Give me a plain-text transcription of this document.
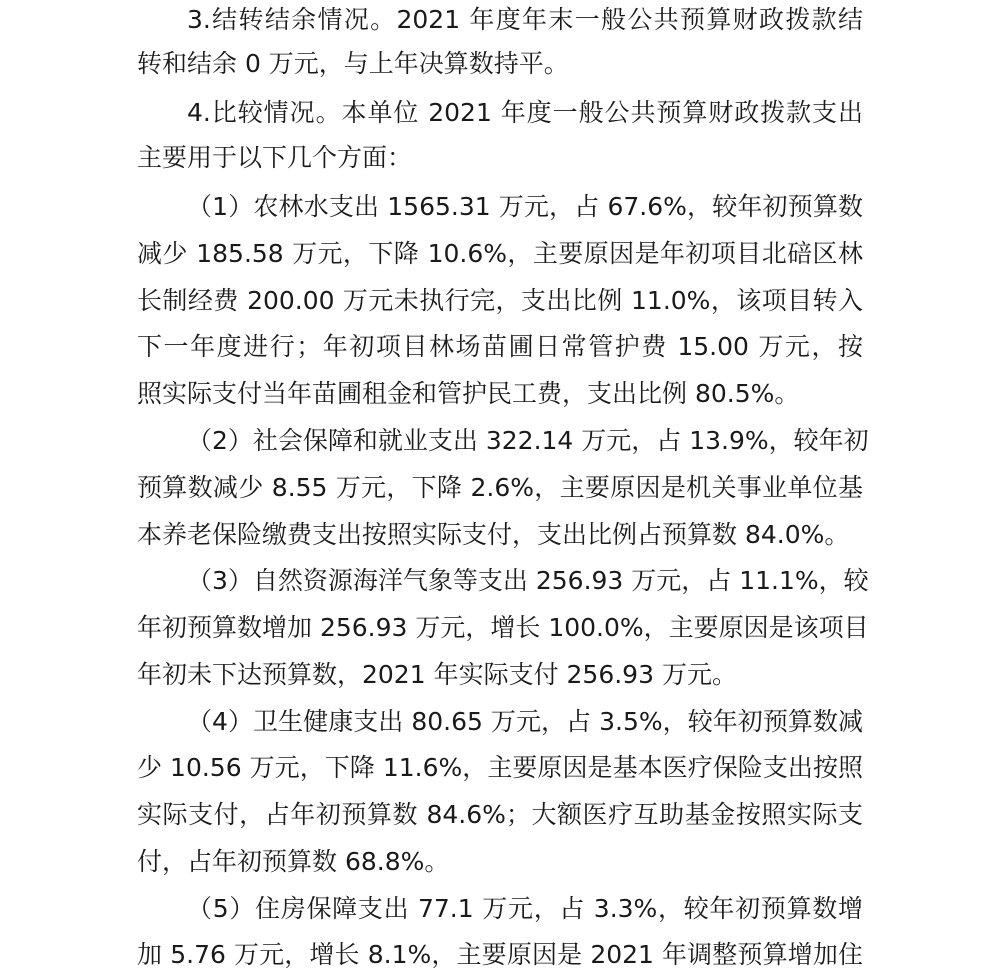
3.结转结余情况。2021 年度年末一般公共预算财政拨款结
转和结余 0 万元，与上年决算数持平。
4.比较情况。本单位 2021 年度一般公共预算财政拨款支出
主要用于以下几个方面：
（1）农林水支出 1565.31 万元，占 67.6%，较年初预算数
减少 185.58 万元，下降 10.6%，主要原因是年初项目北碚区林
长制经费 200.00 万元未执行完，支出比例 11.0%，该项目转入
下一年度进行；年初项目林场苗圃日常管护费 15.00 万元，按
照实际支付当年苗圃租金和管护民工费，支出比例 80.5%。
（2）社会保障和就业支出 322.14 万元，占 13.9%，较年初
预算数减少 8.55 万元，下降 2.6%，主要原因是机关事业单位基
本养老保险缴费支出按照实际支付，支出比例占预算数 84.0%。
（3）自然资源海洋气象等支出 256.93 万元，占 11.1%，较
年初预算数增加 256.93 万元，增长 100.0%，主要原因是该项目
年初未下达预算数，2021 年实际支付 256.93 万元。
（4）卫生健康支出 80.65 万元，占 3.5%，较年初预算数减
少 10.56 万元，下降 11.6%，主要原因是基本医疗保险支出按照
实际支付，占年初预算数 84.6%；大额医疗互助基金按照实际支
付，占年初预算数 68.8%。
（5）住房保障支出 77.1 万元，占 3.3%，较年初预算数增
加 5.76 万元，增长 8.1%，主要原因是 2021 年调整预算增加住
